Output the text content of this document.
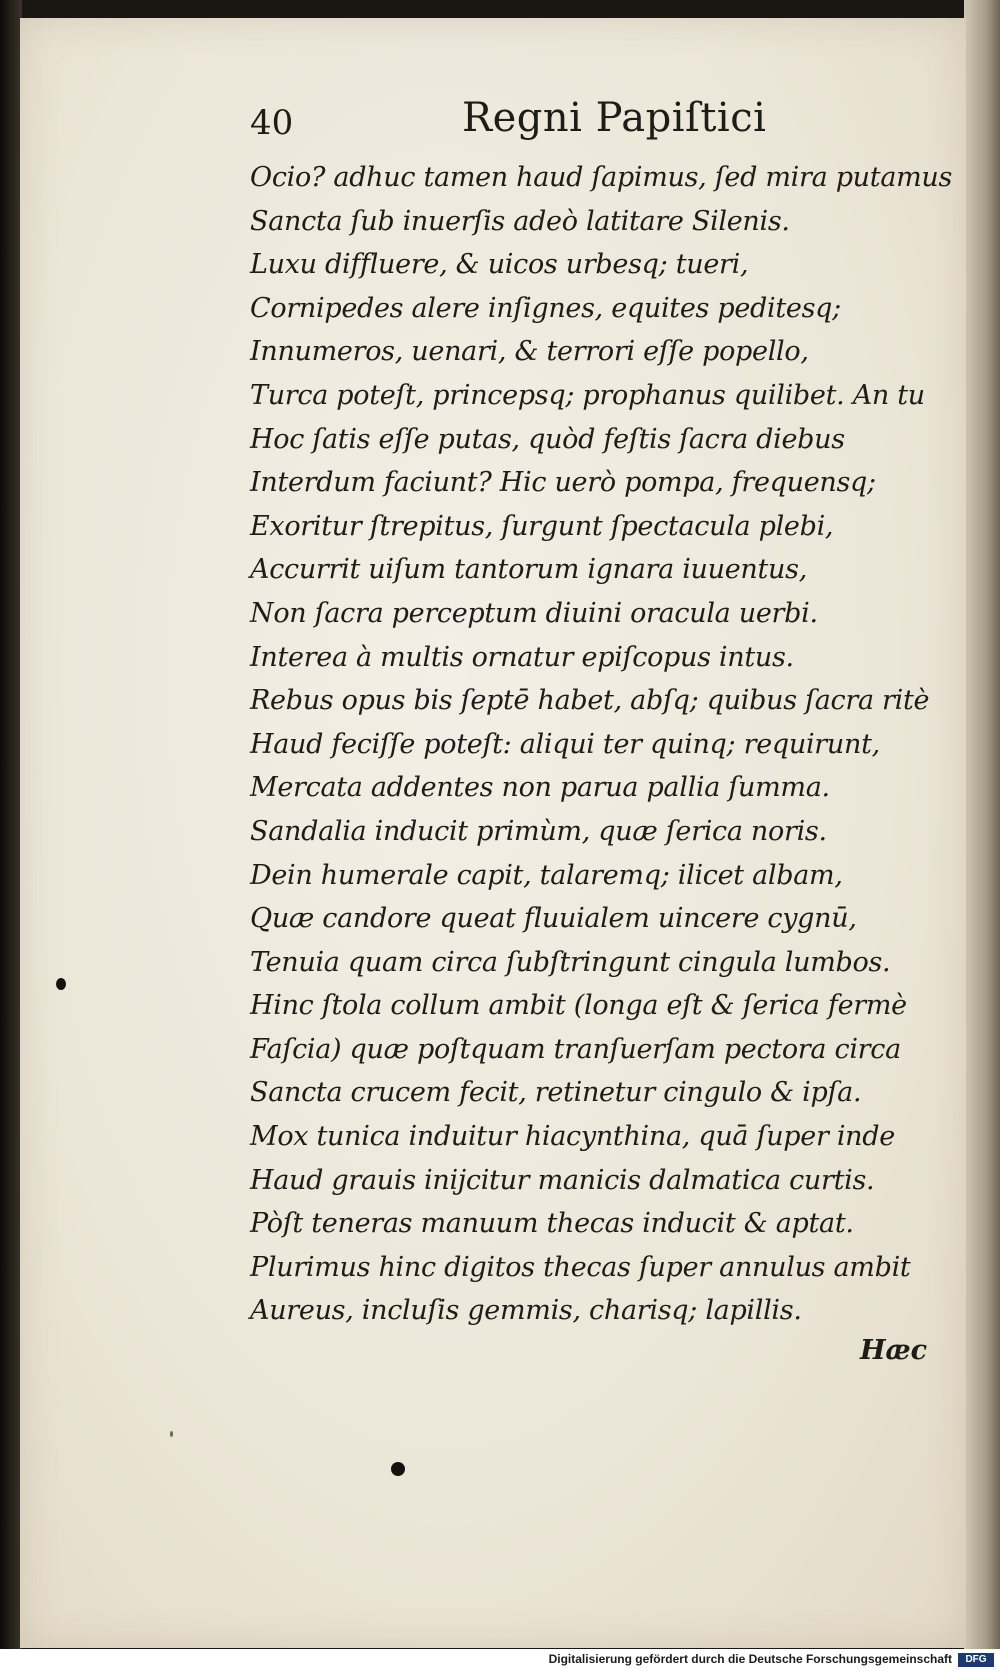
40	Regni Papiſtici
Ocio? adhuc tamen haud ſapimus, ſed mira putamus
Sancta ſub inuerſis adeò latitare Silenis.
Luxu diffluere, & uicos urbesq; tueri,
Cornipedes alere inſignes, equites peditesq;
Innumeros, uenari, & terrori eſſe popello,
Turca poteſt, princepsq; prophanus quilibet. An tu
Hoc ſatis eſſe putas, quòd feſtis ſacra diebus
Interdum faciunt? Hic uerò pompa, frequensq;
Exoritur ſtrepitus, ſurgunt ſpectacula plebi,
Accurrit uiſum tantorum ignara iuuentus,
Non ſacra perceptum diuini oracula uerbi.
Interea à multis ornatur epiſcopus intus.
Rebus opus bis ſeptē habet, abſq; quibus ſacra ritè
Haud feciſſe poteſt: aliqui ter quinq; requirunt,
Mercata addentes non parua pallia ſumma.
Sandalia inducit primùm, quæ ſerica noris.
Dein humerale capit, talaremq; ilicet albam,
Quæ candore queat fluuialem uincere cygnū,
Tenuia quam circa ſubſtringunt cingula lumbos.
Hinc ſtola collum ambit (longa eſt & ſerica fermè
Faſcia) quæ poſtquam tranſuerſam pectora circa
Sancta crucem fecit, retinetur cingulo & ipſa.
Mox tunica induitur hiacynthina, quā ſuper inde
Haud grauis inijcitur manicis dalmatica curtis.
Pòſt teneras manuum thecas inducit & aptat.
Plurimus hinc digitos thecas ſuper annulus ambit
Aureus, incluſis gemmis, charisq; lapillis.
Hæc
Digitalisierung gefördert durch die Deutsche Forschungsgemeinschaft	DFG
